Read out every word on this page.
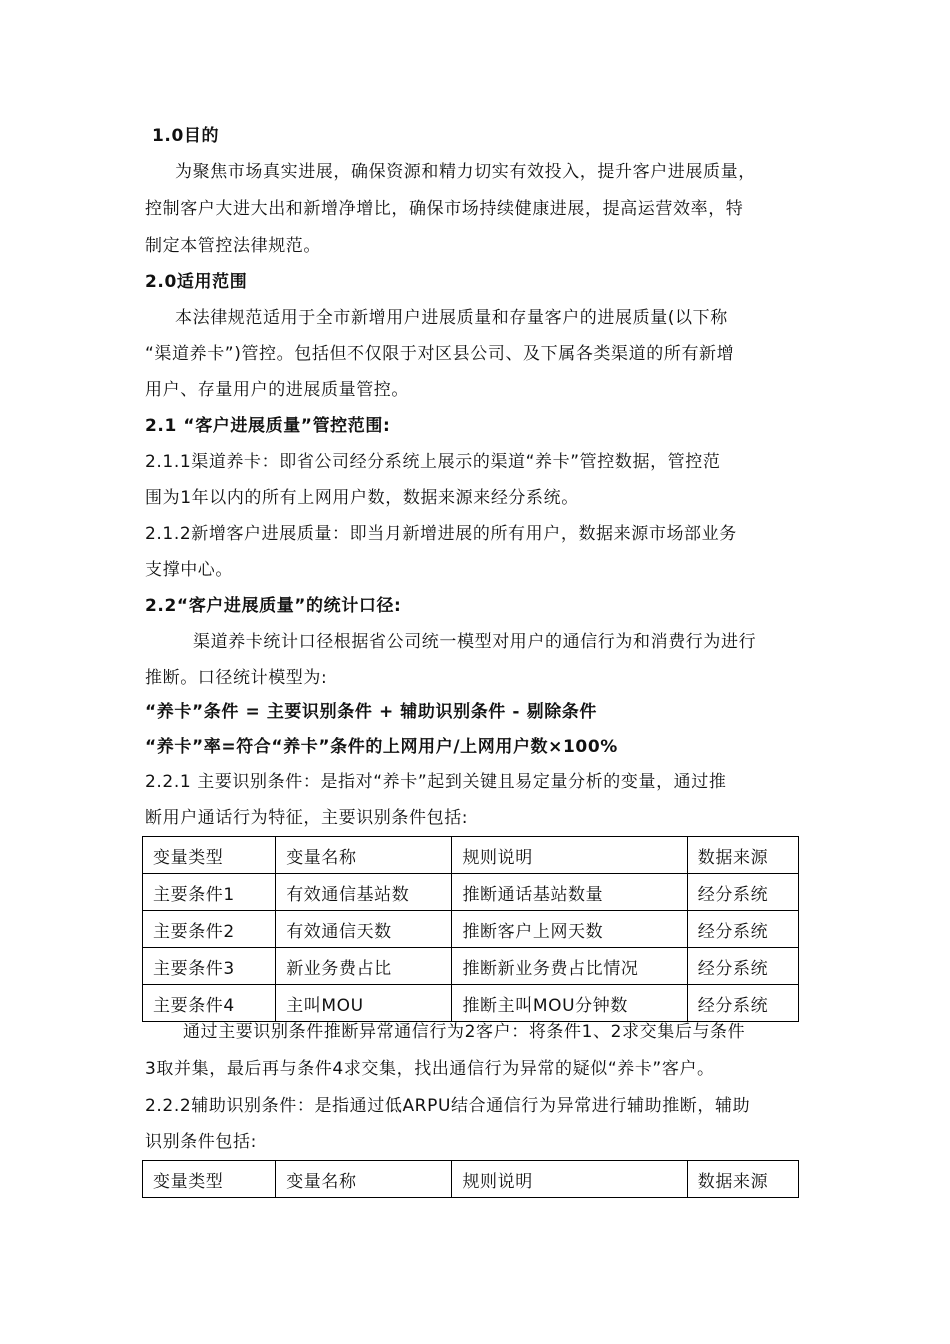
1.0目的
为聚焦市场真实进展，确保资源和精力切实有效投入，提升客户进展质量，
控制客户大进大出和新增净增比，确保市场持续健康进展，提高运营效率，特
制定本管控法律规范。
2.0适用范围
本法律规范适用于全市新增用户进展质量和存量客户的进展质量(以下称
“渠道养卡”)管控。包括但不仅限于对区县公司、及下属各类渠道的所有新增
用户、存量用户的进展质量管控。
2.1 “客户进展质量”管控范围:
2.1.1渠道养卡：即省公司经分系统上展示的渠道“养卡”管控数据，管控范
围为1年以内的所有上网用户数，数据来源来经分系统。
2.1.2新增客户进展质量：即当月新增进展的所有用户，数据来源市场部业务
支撑中心。
2.2“客户进展质量”的统计口径:
渠道养卡统计口径根据省公司统一模型对用户的通信行为和消费行为进行
推断。口径统计模型为:
“养卡”条件 = 主要识别条件 + 辅助识别条件 - 剔除条件
“养卡”率=符合“养卡”条件的上网用户/上网用户数×100%
2.2.1 主要识别条件：是指对“养卡”起到关键且易定量分析的变量，通过推
断用户通话行为特征，主要识别条件包括:
变量类型	变量名称	规则说明	数据来源
主要条件1	有效通信基站数	推断通话基站数量	经分系统
主要条件2	有效通信天数	推断客户上网天数	经分系统
主要条件3	新业务费占比	推断新业务费占比情况	经分系统
主要条件4	主叫MOU	推断主叫MOU分钟数	经分系统
通过主要识别条件推断异常通信行为2客户：将条件1、2求交集后与条件
3取并集，最后再与条件4求交集，找出通信行为异常的疑似“养卡”客户。
2.2.2辅助识别条件：是指通过低ARPU结合通信行为异常进行辅助推断，辅助
识别条件包括:
变量类型	变量名称	规则说明	数据来源
